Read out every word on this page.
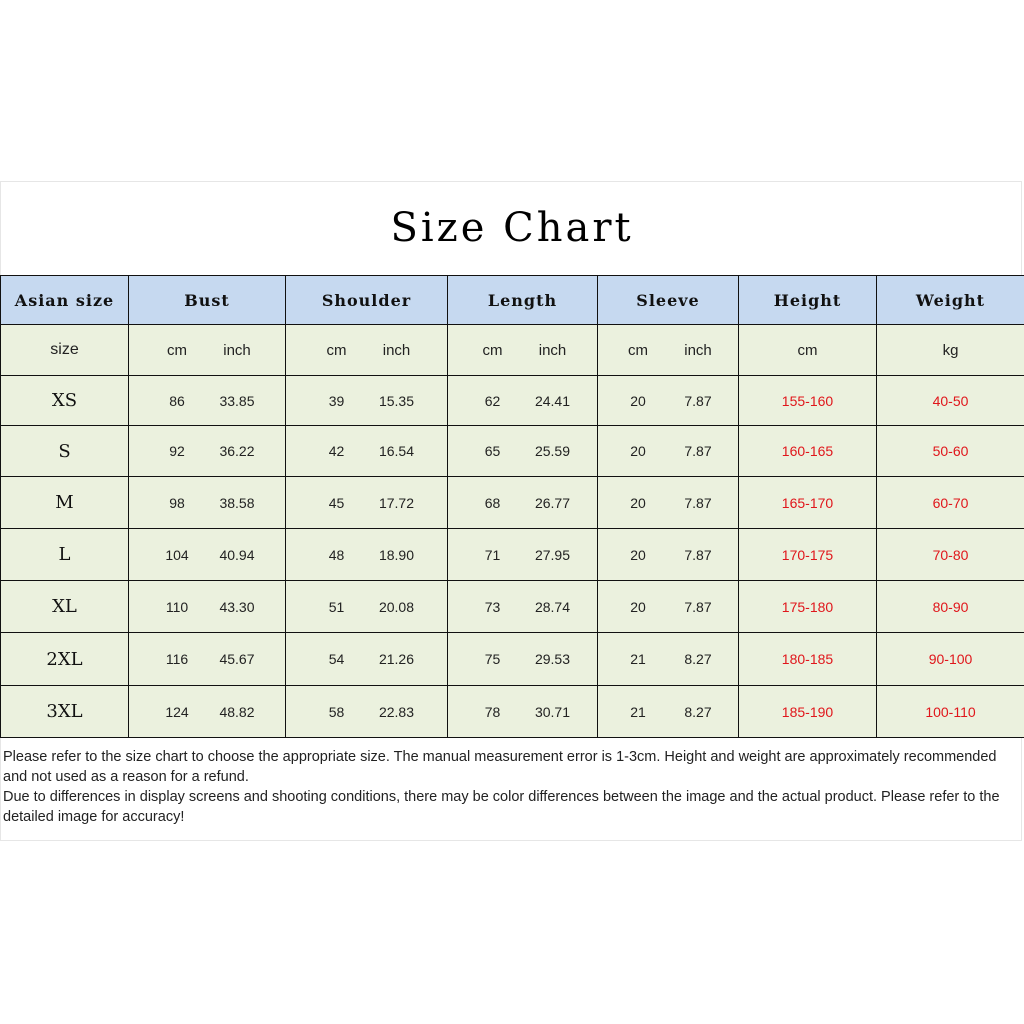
Size Chart
Asian size	Bust	Shoulder	Length	Sleeve	Height	Weight
size	cm inch	cm inch	cm inch	cm inch	cm	kg
XS	86 33.85	39 15.35	62 24.41	20 7.87	155-160	40-50
S	92 36.22	42 16.54	65 25.59	20 7.87	160-165	50-60
M	98 38.58	45 17.72	68 26.77	20 7.87	165-170	60-70
L	104 40.94	48 18.90	71 27.95	20 7.87	170-175	70-80
XL	110 43.30	51 20.08	73 28.74	20 7.87	175-180	80-90
2XL	116 45.67	54 21.26	75 29.53	21 8.27	180-185	90-100
3XL	124 48.82	58 22.83	78 30.71	21 8.27	185-190	100-110

Please refer to the size chart to choose the appropriate size. The manual measurement error is 1-3cm. Height and weight are approximately recommended and not used as a reason for a refund.

Due to differences in display screens and shooting conditions, there may be color differences between the image and the actual product. Please refer to the detailed image for accuracy!
